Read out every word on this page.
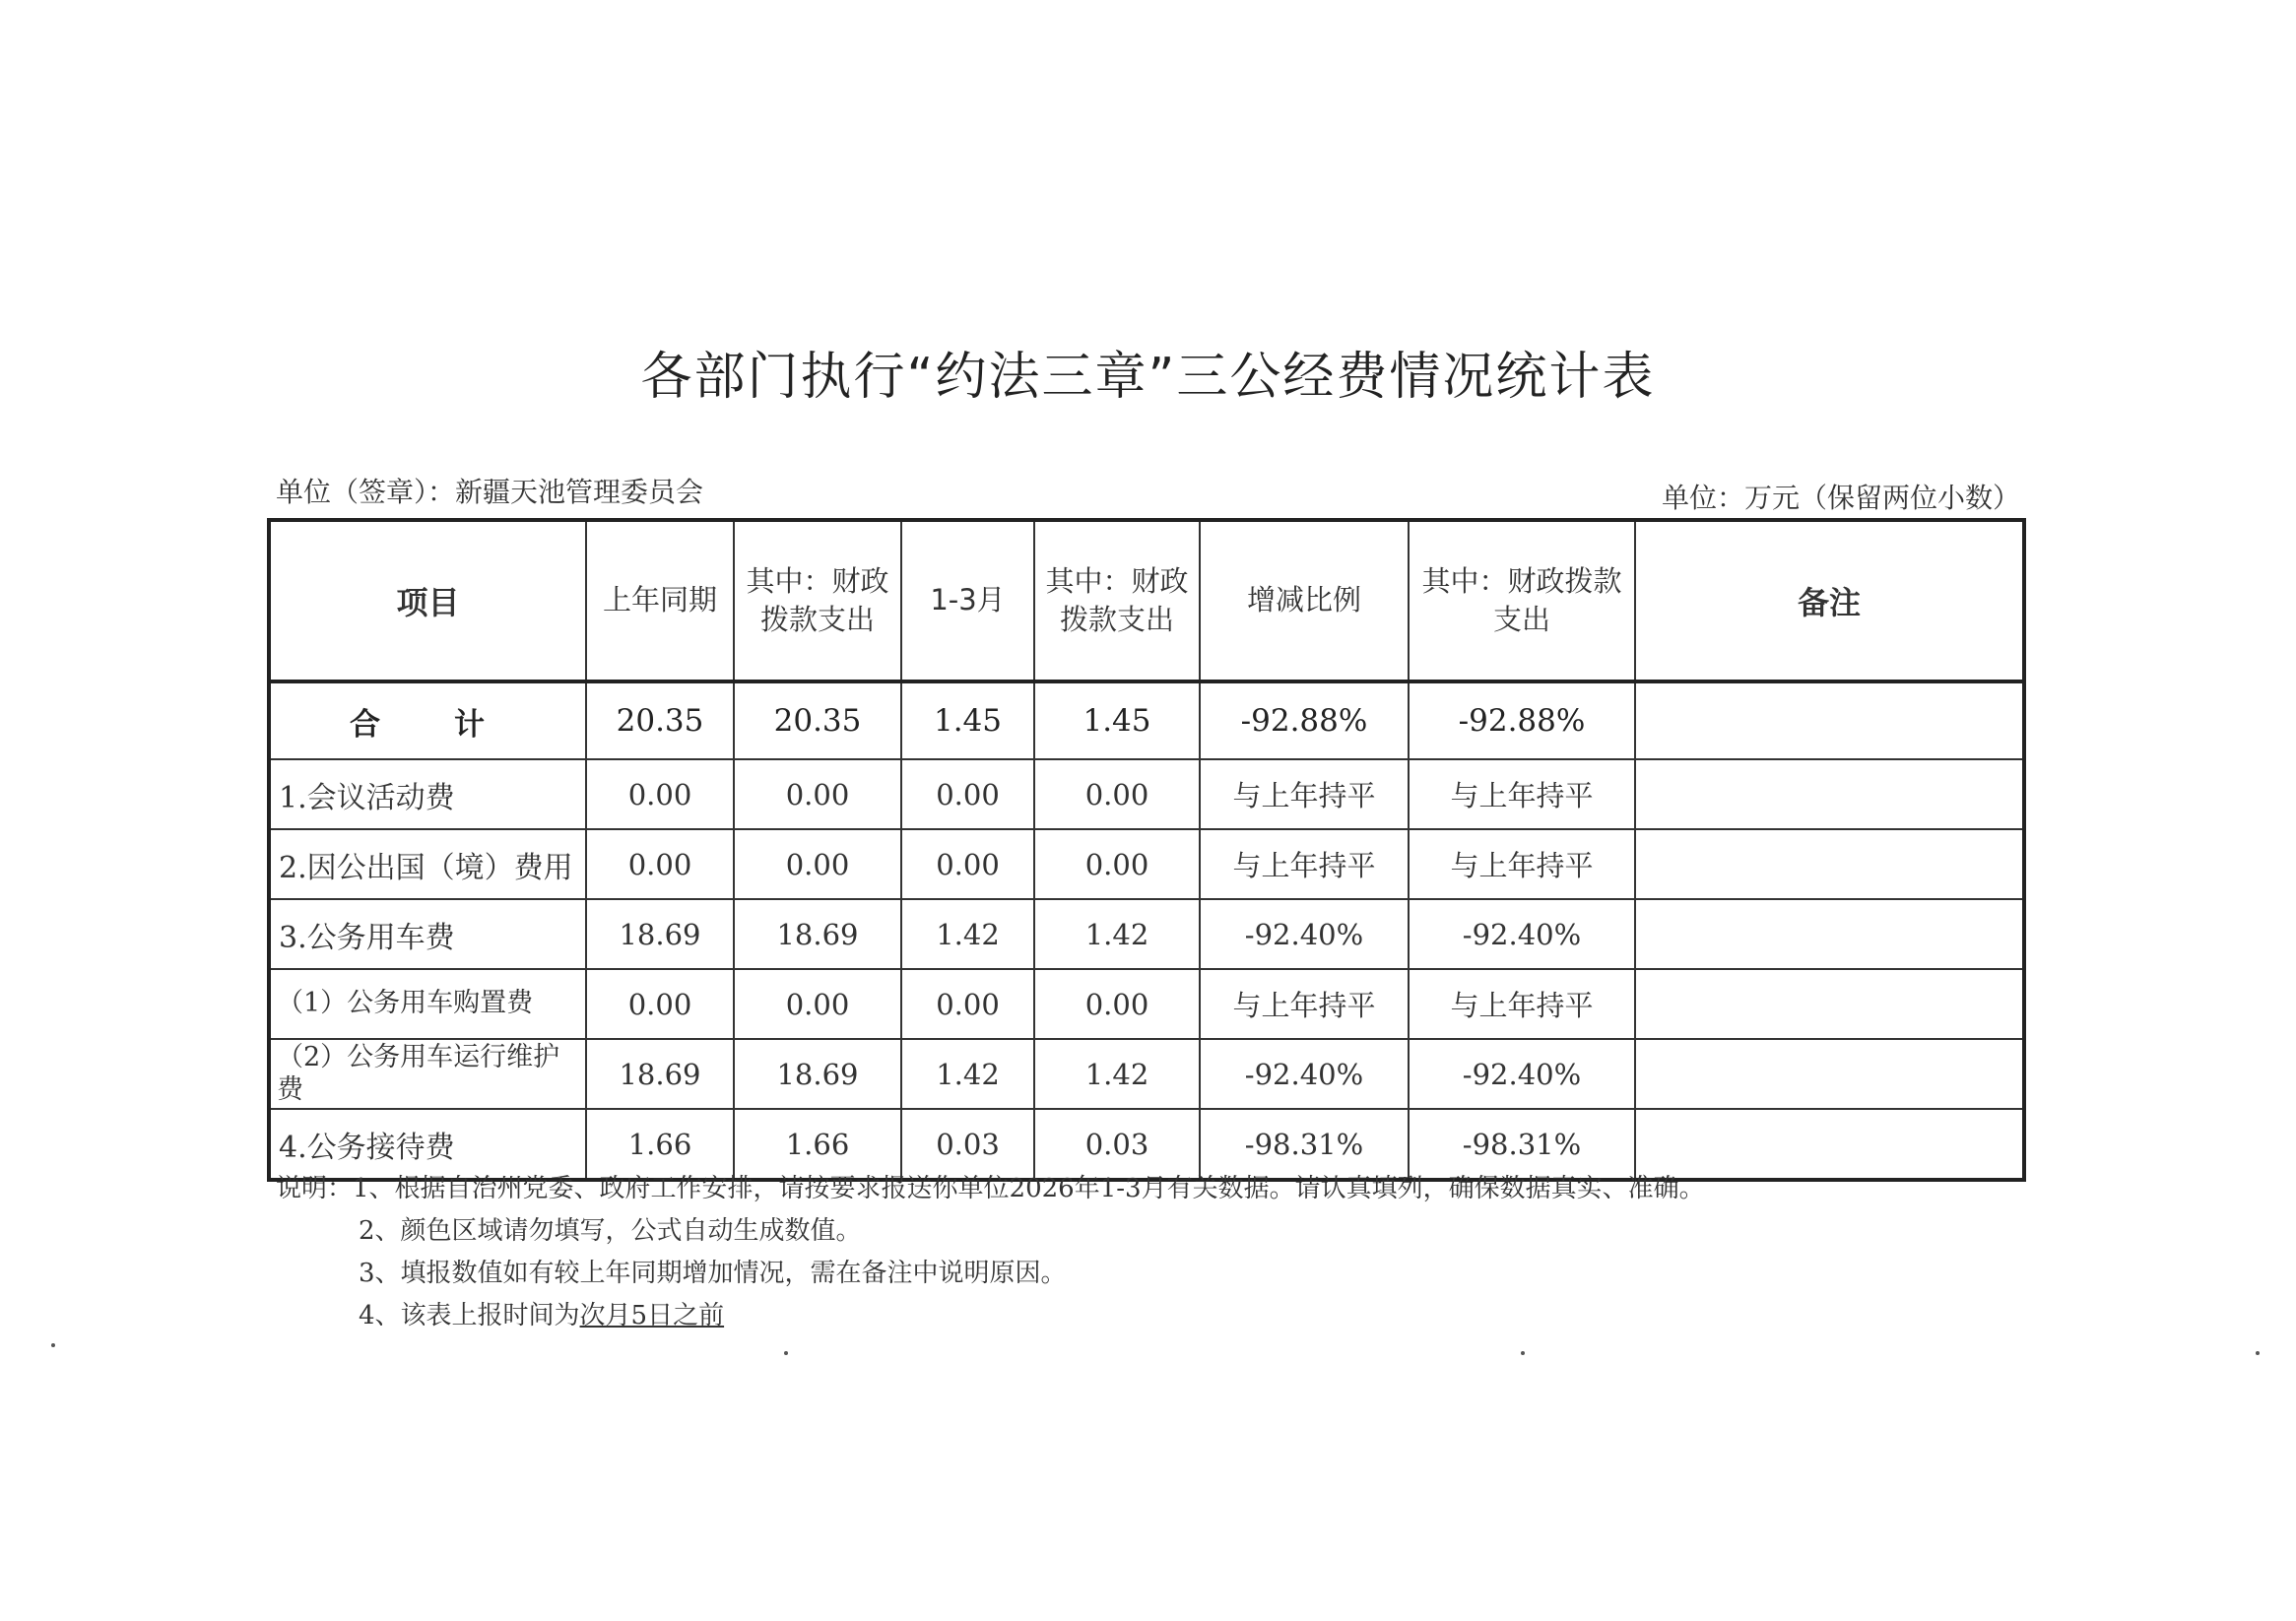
各部门执行“约法三章”三公经费情况统计表
单位（签章）：新疆天池管理委员会	单位：万元（保留两位小数）
项目	上年同期	其中：财政拨款支出	1-3月	其中：财政拨款支出	增减比例	其中：财政拨款支出	备注
合　计	20.35	20.35	1.45	1.45	-92.88%	-92.88%	
1.会议活动费	0.00	0.00	0.00	0.00	与上年持平	与上年持平	
2.因公出国（境）费用	0.00	0.00	0.00	0.00	与上年持平	与上年持平	
3.公务用车费	18.69	18.69	1.42	1.42	-92.40%	-92.40%	
（1）公务用车购置费	0.00	0.00	0.00	0.00	与上年持平	与上年持平	
（2）公务用车运行维护费	18.69	18.69	1.42	1.42	-92.40%	-92.40%	
4.公务接待费	1.66	1.66	0.03	0.03	-98.31%	-98.31%	
说明：1、根据自治州党委、政府工作安排，请按要求报送你单位2026年1-3月有关数据。请认真填列，确保数据真实、准确。
2、颜色区域请勿填写，公式自动生成数值。
3、填报数值如有较上年同期增加情况，需在备注中说明原因。
4、该表上报时间为次月5日之前
